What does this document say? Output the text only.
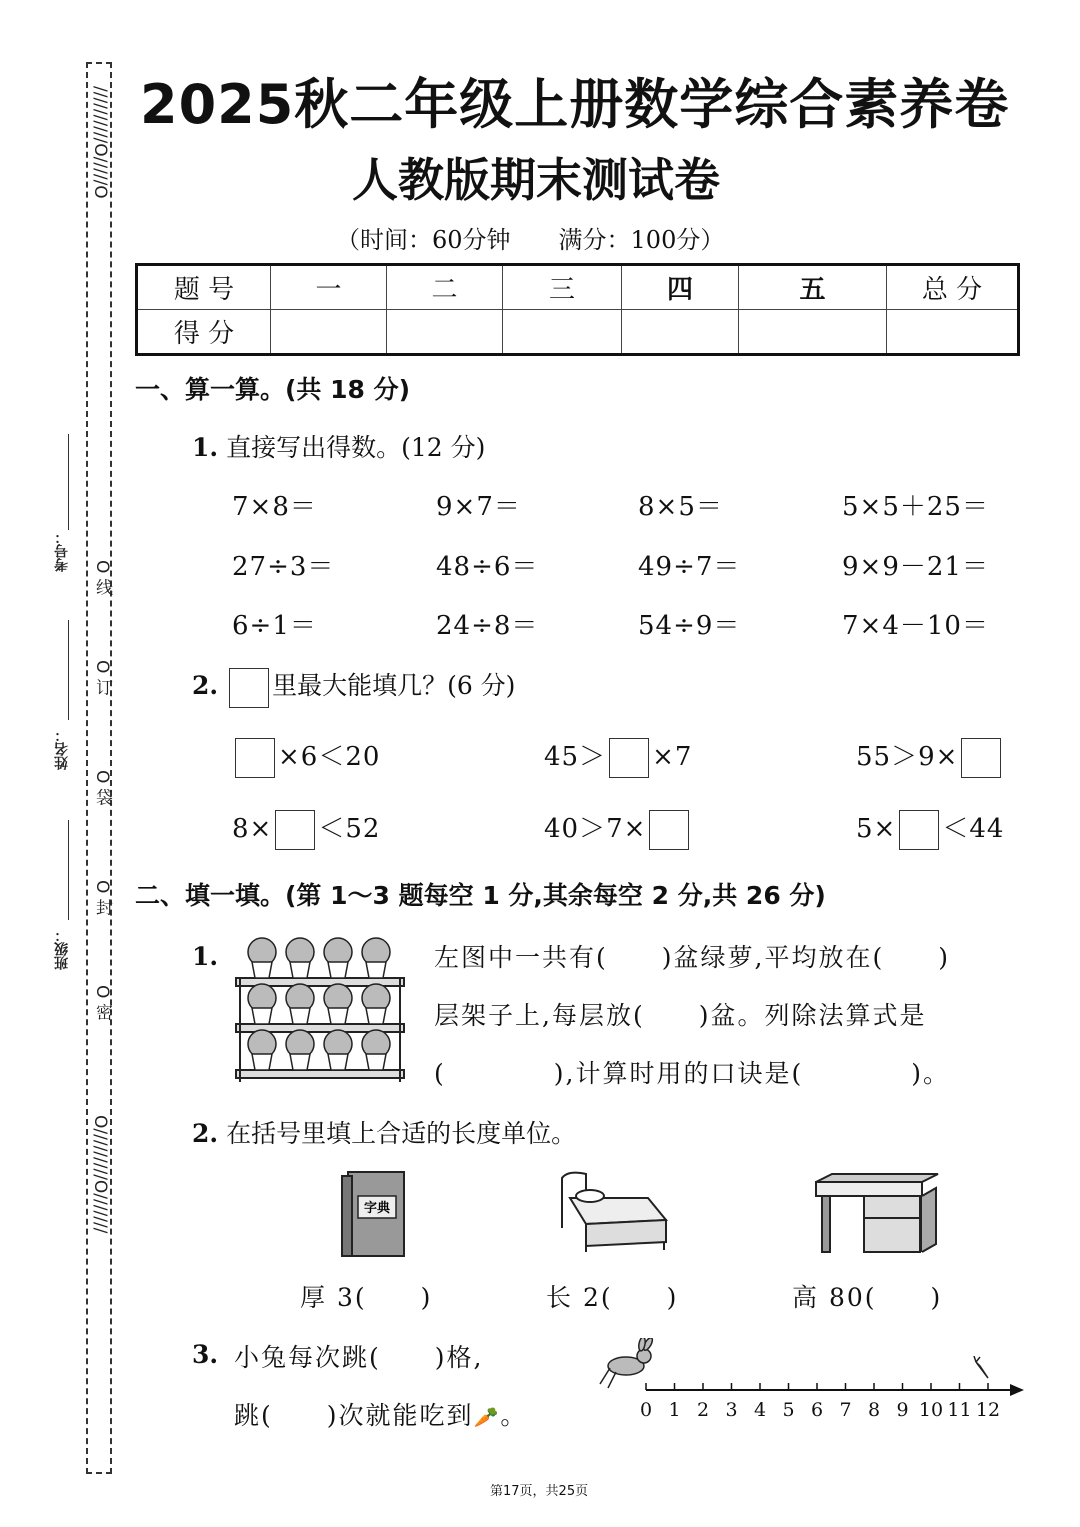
//////////O/////O
O 线
O 订
O 袋
O 封
O 密
O/////////O///////
考号：
姓名：
班级：
2025秋二年级上册数学综合素养卷
人教版期末测试卷
（时间：60分钟　　满分：100分）
题 号	一	二	三	四	五	总 分
得 分						
一、算一算。(共 18 分)
1. 直接写出得数。(12 分)
7×8＝	9×7＝	8×5＝	5×5＋25＝
27÷3＝	48÷6＝	49÷7＝	9×9－21＝
6÷1＝	24÷8＝	54÷9＝	7×4－10＝
2. 里最大能填几？(6 分)
×6＜20	45＞ ×7	55＞9×
8× ＜52	40＞7×	5× ＜44
二、填一填。(第 1～3 题每空 1 分,其余每空 2 分,共 26 分)
1.	左图中一共有(　　)盆绿萝,平均放在(　　)
层架子上,每层放(　　)盆。列除法算式是
(　　　　),计算时用的口诀是(　　　　)。
2. 在括号里填上合适的长度单位。
字典
厚 3(　　)	长 2(　　)	高 80(　　)
3. 小兔每次跳(　　)格,
跳(　　)次就能吃到🥕。	0 1 2 3 4 5 6 7 8 9 10 11 12
第17页，共25页
